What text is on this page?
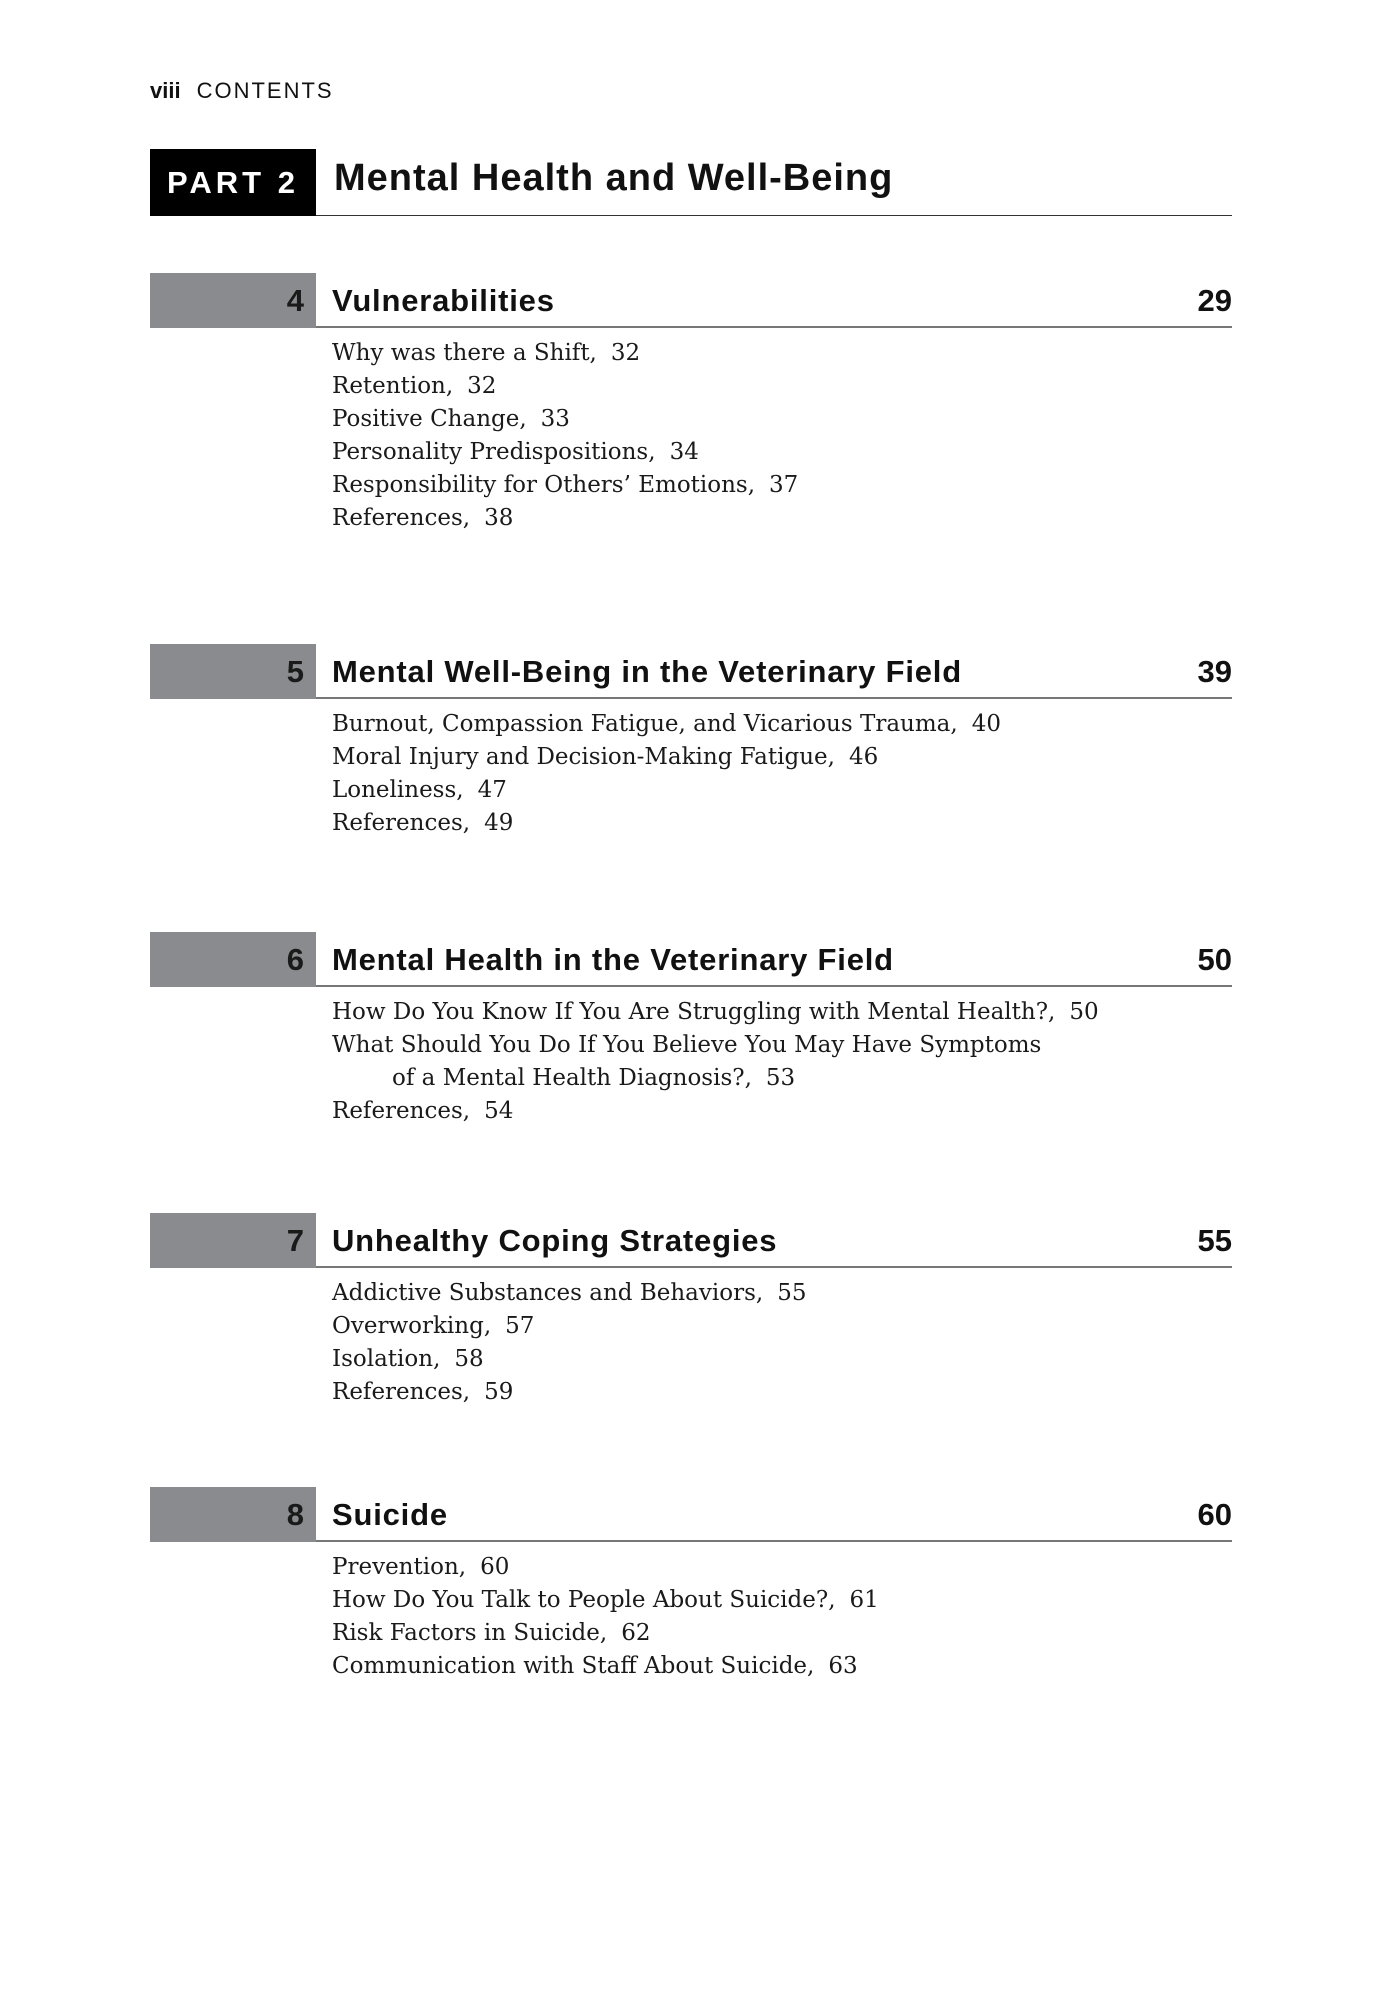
viii CONTENTS
PART 2 Mental Health and Well-Being
4 Vulnerabilities	29
Why was there a Shift, 32
Retention, 32
Positive Change, 33
Personality Predispositions, 34
Responsibility for Others’ Emotions, 37
References, 38
5 Mental Well-Being in the Veterinary Field	39
Burnout, Compassion Fatigue, and Vicarious Trauma, 40
Moral Injury and Decision-Making Fatigue, 46
Loneliness, 47
References, 49
6 Mental Health in the Veterinary Field	50
How Do You Know If You Are Struggling with Mental Health?, 50
What Should You Do If You Believe You May Have Symptoms
of a Mental Health Diagnosis?, 53
References, 54
7 Unhealthy Coping Strategies	55
Addictive Substances and Behaviors, 55
Overworking, 57
Isolation, 58
References, 59
8 Suicide	60
Prevention, 60
How Do You Talk to People About Suicide?, 61
Risk Factors in Suicide, 62
Communication with Staff About Suicide, 63
